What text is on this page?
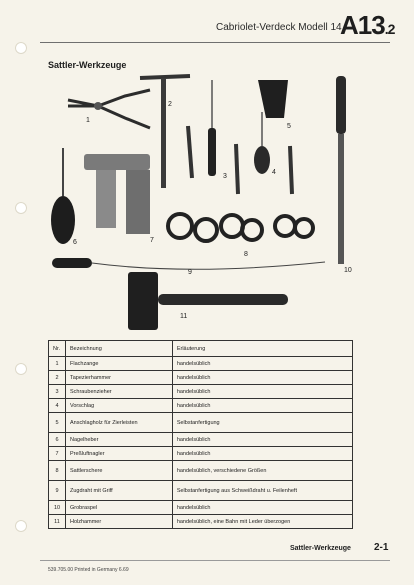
Cabriolet-Verdeck Modell 14
A13.2
Sattler-Werkzeuge
1
2
3
4
5
6	7
8
9	10
11
Nr.	Bezeichnung	Erläuterung
1	Flachzange	handelsüblich
2	Tapezierhammer	handelsüblich
3	Schraubenzieher	handelsüblich
4	Vorschlag	handelsüblich
5	Anschlagholz für Zierleisten	Selbstanfertigung
6	Nagelheber	handelsüblich
7	Preßluftnagler	handelsüblich
8	Sattlerschere	handelsüblich, verschiedene Größen
9	Zugdraht mit Griff	Selbstanfertigung aus Schweißdraht u. Feilenheft
10	Grobraspel	handelsüblich
11	Holzhammer	handelsüblich, eine Bahn mit Leder überzogen
Sattler-Werkzeuge 2-1
539.705.00 Printed in Germany 6.69
